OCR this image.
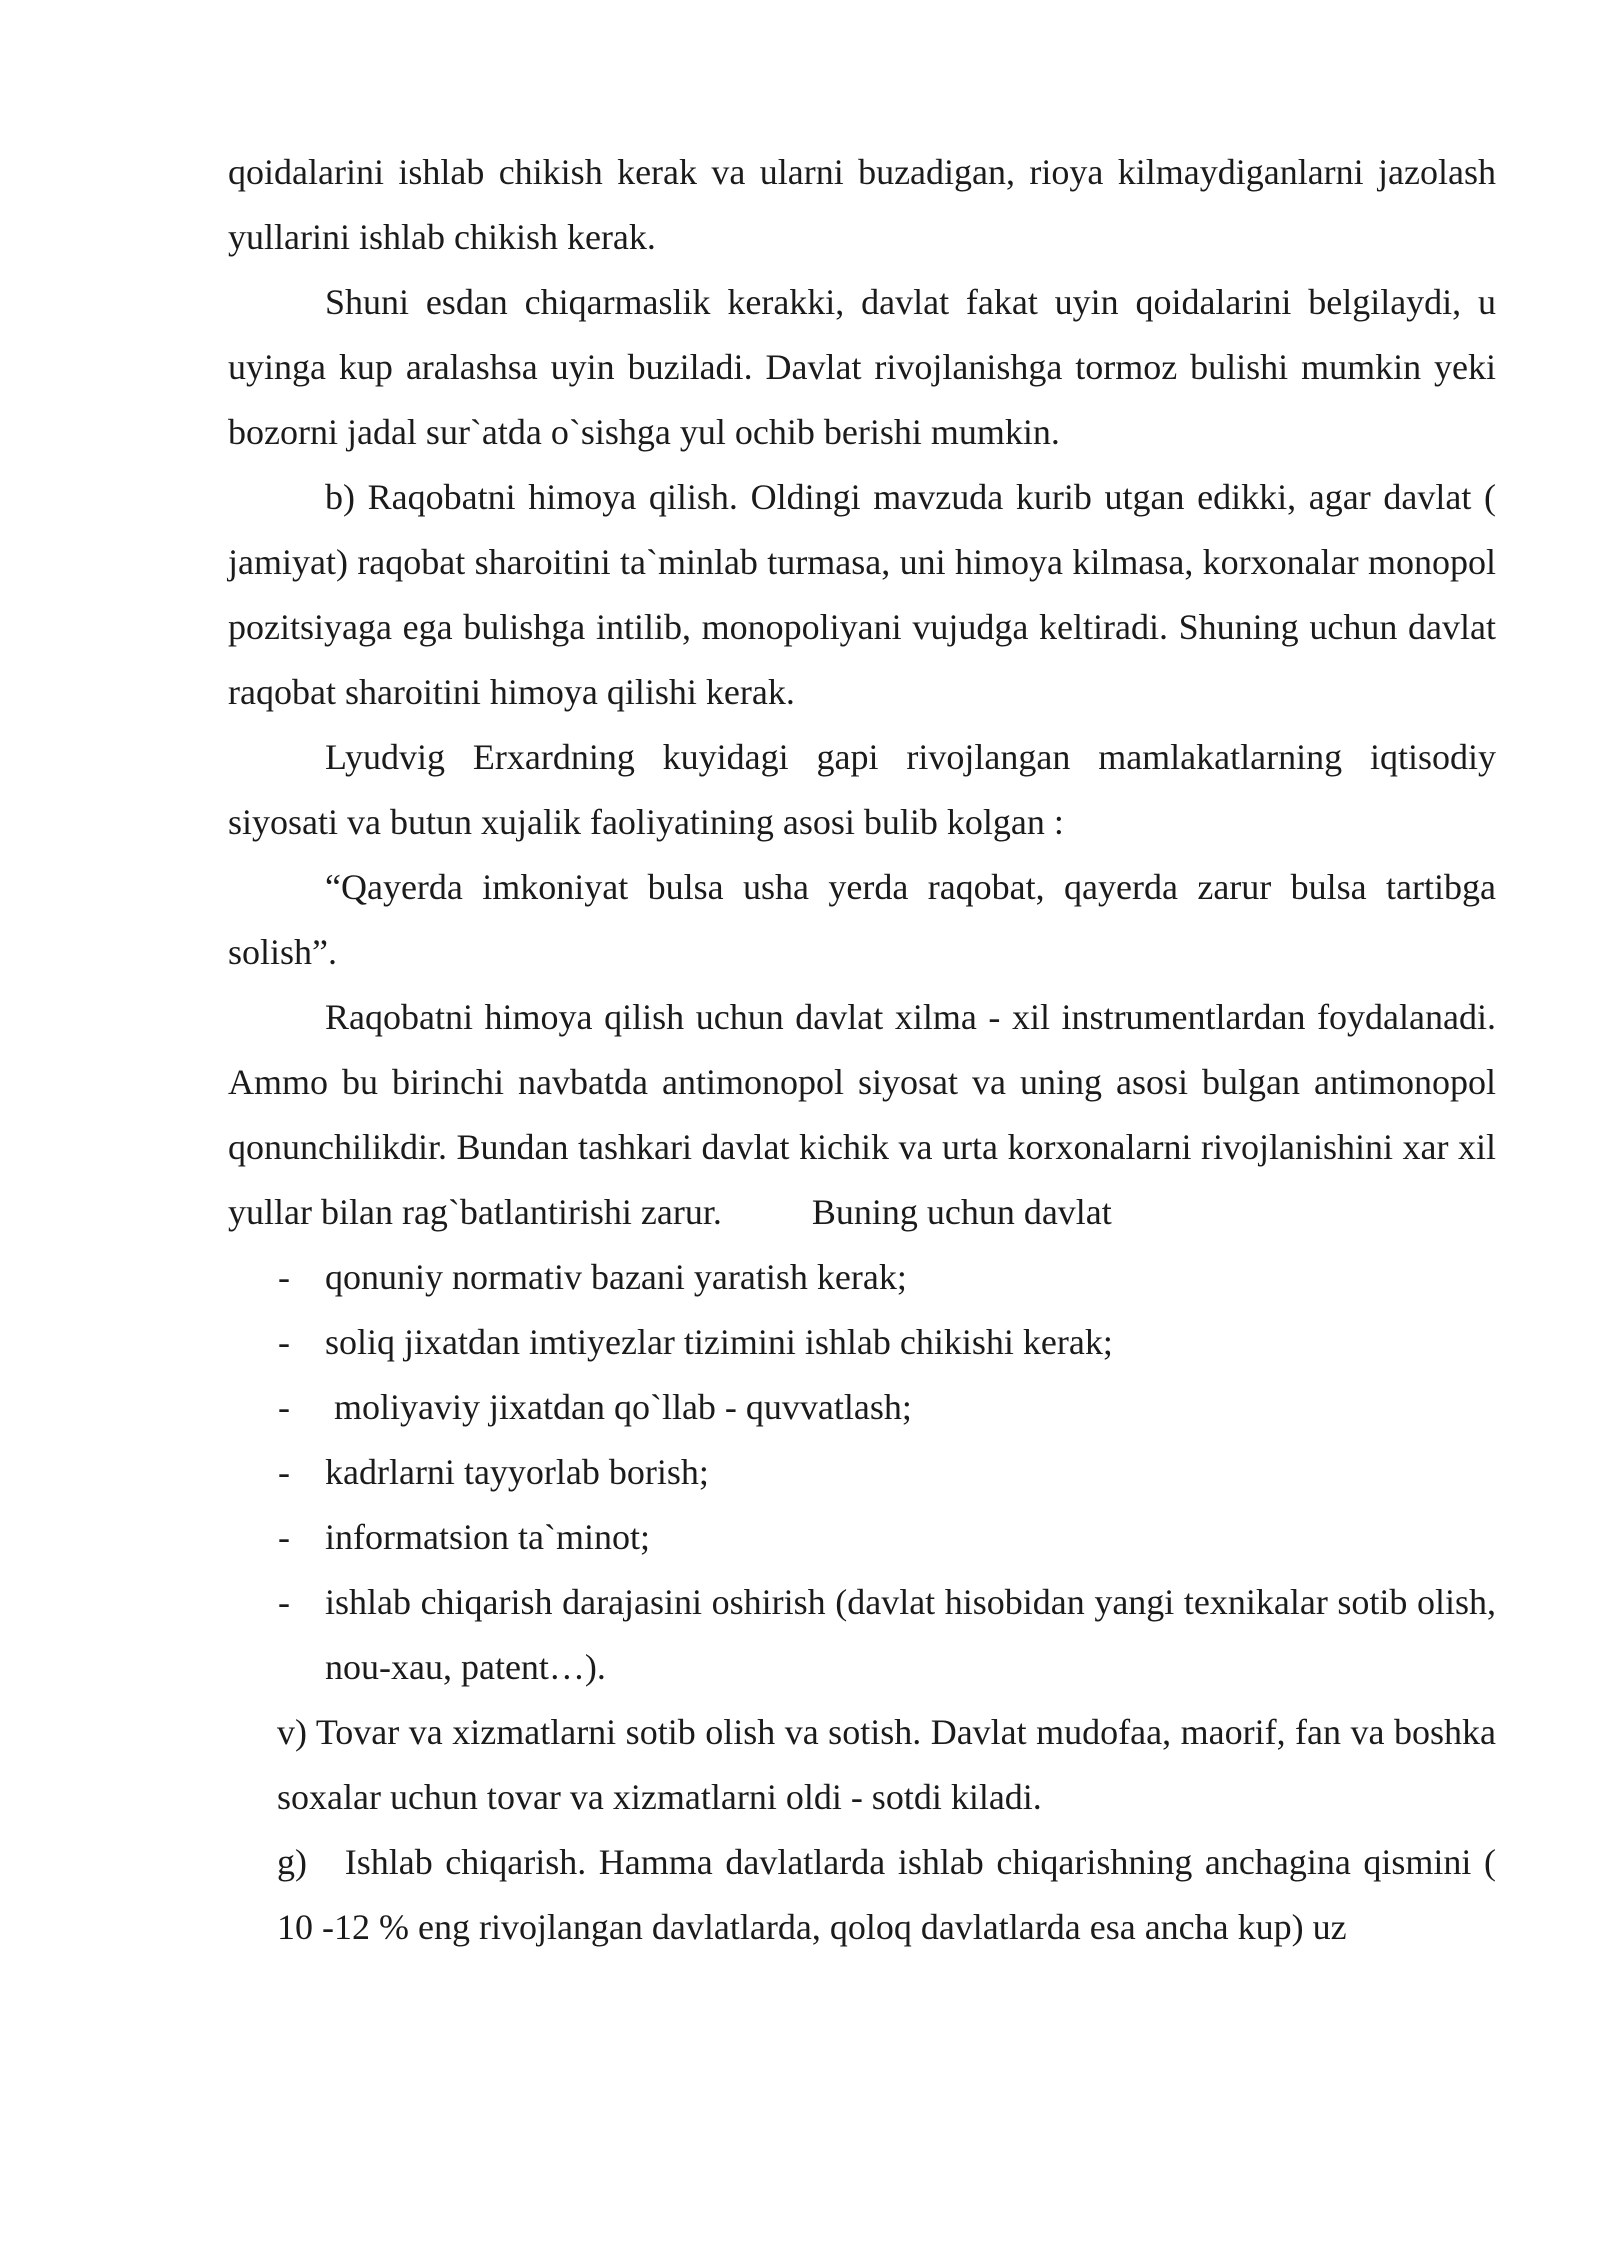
qoidalarini ishlab chikish kerak va ularni buzadigan, rioya kilmaydiganlarni jazolash yullarini ishlab chikish kerak.

Shuni esdan chiqarmaslik kerakki, davlat fakat uyin qoidalarini belgilaydi, u uyinga kup aralashsa uyin buziladi. Davlat rivojlanishga tormoz bulishi mumkin yeki bozorni jadal sur`atda o`sishga yul ochib berishi mumkin.

b) Raqobatni himoya qilish. Oldingi mavzuda kurib utgan edikki, agar davlat ( jamiyat) raqobat sharoitini ta`minlab turmasa, uni himoya kilmasa, korxonalar monopol pozitsiyaga ega bulishga intilib, monopoliyani vujudga keltiradi. Shuning uchun davlat raqobat sharoitini himoya qilishi kerak.

Lyudvig Erxardning kuyidagi gapi rivojlangan mamlakatlarning iqtisodiy siyosati va butun xujalik faoliyatining asosi bulib kolgan :

“Qayerda imkoniyat bulsa usha yerda raqobat, qayerda zarur bulsa tartibga solish”.

Raqobatni himoya qilish uchun davlat xilma - xil instrumentlardan foydalanadi. Ammo bu birinchi navbatda antimonopol siyosat va uning asosi bulgan antimonopol qonunchilikdir. Bundan tashkari davlat kichik va urta korxonalarni rivojlanishini xar xil yullar bilan rag`batlantirishi zarur.          Buning uchun davlat

- qonuniy normativ bazani yaratish kerak;
- soliq jixatdan imtiyezlar tizimini ishlab chikishi kerak;
- moliyaviy jixatdan qo`llab - quvvatlash;
- kadrlarni tayyorlab borish;
- informatsion ta`minot;
- ishlab chiqarish darajasini oshirish (davlat hisobidan yangi texnikalar sotib olish, nou-xau, patent…).

v) Tovar va xizmatlarni sotib olish va sotish. Davlat mudofaa, maorif, fan va boshka soxalar uchun tovar va xizmatlarni oldi - sotdi kiladi.

g)   Ishlab chiqarish. Hamma davlatlarda ishlab chiqarishning anchagina qismini ( 10 -12 % eng rivojlangan davlatlarda, qoloq davlatlarda esa ancha kup) uz
